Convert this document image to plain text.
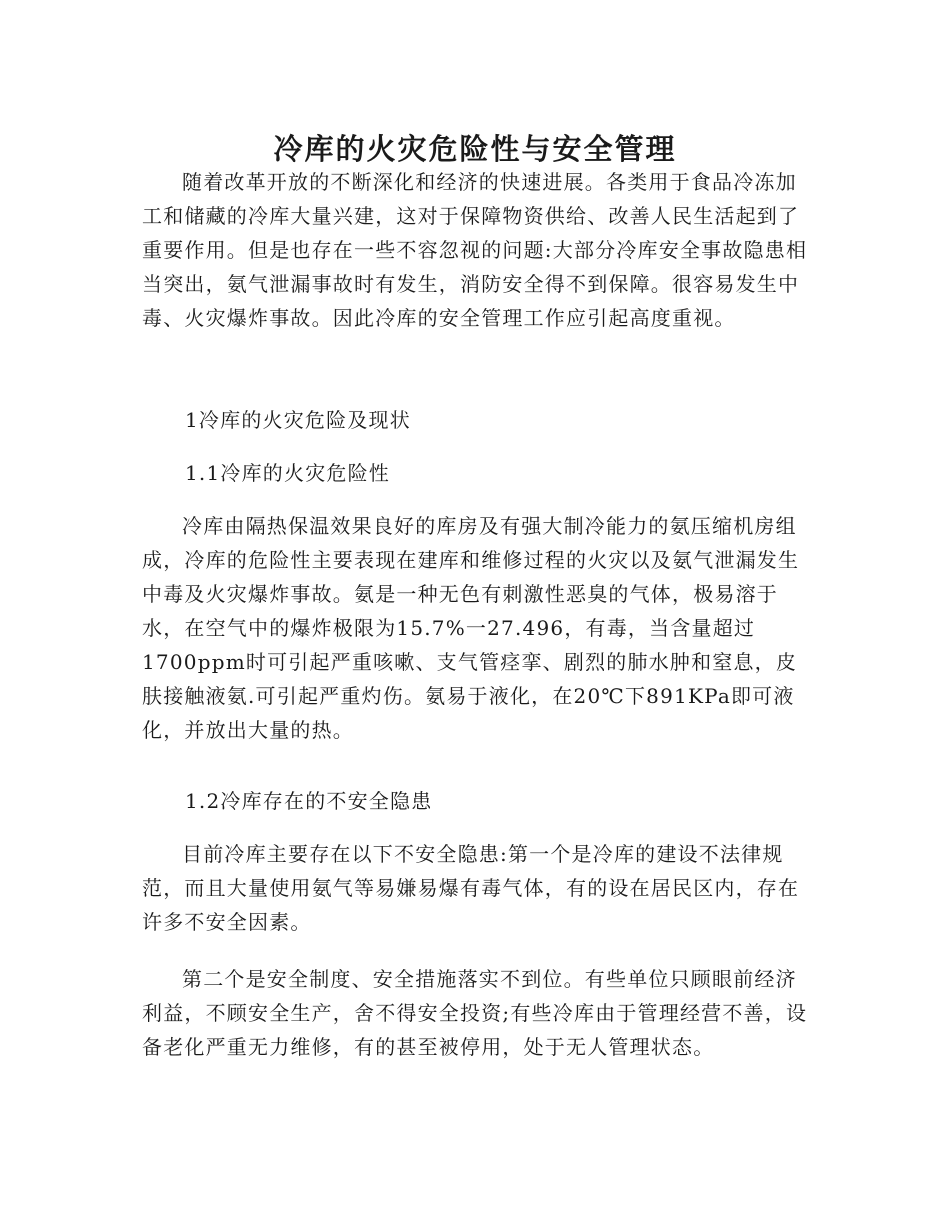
冷库的火灾危险性与安全管理

随着改革开放的不断深化和经济的快速进展。各类用于食品冷冻加工和储藏的冷库大量兴建，这对于保障物资供给、改善人民生活起到了重要作用。但是也存在一些不容忽视的问题:大部分冷库安全事故隐患相当突出，氨气泄漏事故时有发生，消防安全得不到保障。很容易发生中毒、火灾爆炸事故。因此冷库的安全管理工作应引起高度重视。

1冷库的火灾危险及现状

1.1冷库的火灾危险性

冷库由隔热保温效果良好的库房及有强大制冷能力的氨压缩机房组成，冷库的危险性主要表现在建库和维修过程的火灾以及氨气泄漏发生中毒及火灾爆炸事故。氨是一种无色有刺激性恶臭的气体，极易溶于水，在空气中的爆炸极限为15.7%一27.496，有毒，当含量超过1700ppm时可引起严重咳嗽、支气管痉挛、剧烈的肺水肿和窒息，皮肤接触液氨.可引起严重灼伤。氨易于液化，在20℃下891KPa即可液化，并放出大量的热。

1.2冷库存在的不安全隐患

目前冷库主要存在以下不安全隐患:第一个是冷库的建设不法律规范，而且大量使用氨气等易嫌易爆有毒气体，有的设在居民区内，存在许多不安全因素。

第二个是安全制度、安全措施落实不到位。有些单位只顾眼前经济利益，不顾安全生产，舍不得安全投资;有些冷库由于管理经营不善，设备老化严重无力维修，有的甚至被停用，处于无人管理状态。
